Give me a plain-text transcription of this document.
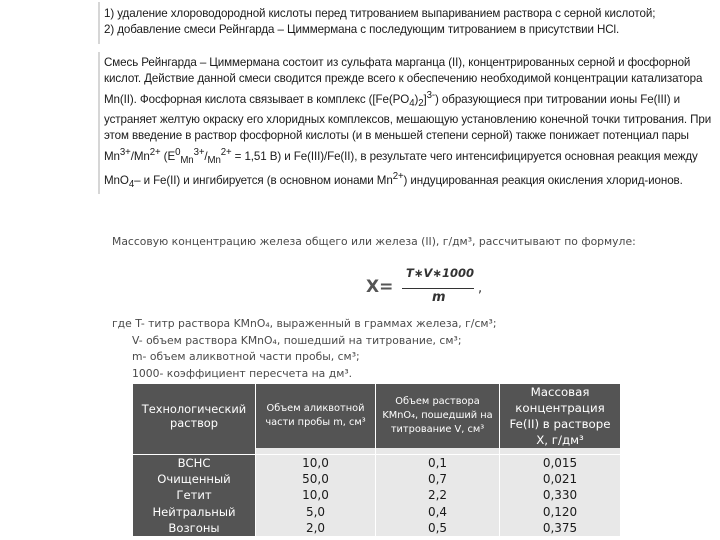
1) удаление хлороводородной кислоты перед титрованием выпариванием раствора с серной кислотой;

2) добавление смеси Рейнгарда – Циммермана с последующим титрованием в присутствии HCl.

Смесь Рейнгарда – Циммермана состоит из сульфата марганца (II), концентрированных серной и фосфорной кислот. Действие данной смеси сводится прежде всего к обеспечению необходимой концентрации катализатора Mn(II). Фосфорная кислота связывает в комплекс $([Fe(PO_4)_2]^{3-})$ образующиеся при титровании ионы Fe(III) и устраняет желтую окраску его хлоридных комплексов, мешающую установлению конечной точки титрования. При этом введение в раствор фосфорной кислоты (и в меньшей степени серной) также понижает потенциал пары $Mn^{3+}/Mn^{2+}$ ($E^0_{Mn}^{3+}/_{Mn}^{2+} = 1,51$ В) и Fe(III)/Fe(II), в результате чего интенсифицируется основная реакция между MnO$_4$– и Fe(II) и ингибируется (в основном ионами $Mn^{2+}$) индуцированная реакция окисления хлорид-ионов.

Массовую концентрацию железа общего или железа (II), г/дм³, рассчитывают по формуле:
X=
T∗V∗1000
m
,
где T- титр раствора KMnO₄, выраженный в граммах железа, г/см³;
V- объем раствора KMnO₄, пошедший на титрование, см³;
m- объем аликвотной части пробы, см³;
1000- коэффициент пересчета на дм³.
Технологический раствор	Объем аликвотной части пробы m, см³	Объем раствора KMnO₄, пошедший на титрование V, см³	Массовая концентрация Fe(II) в растворе X, г/дм³

ВСНС	10,0	0,1	0,015
Очищенный	50,0	0,7	0,021
Гетит	10,0	2,2	0,330
Нейтральный	5,0	0,4	0,120
Возгоны	2,0	0,5	0,375
